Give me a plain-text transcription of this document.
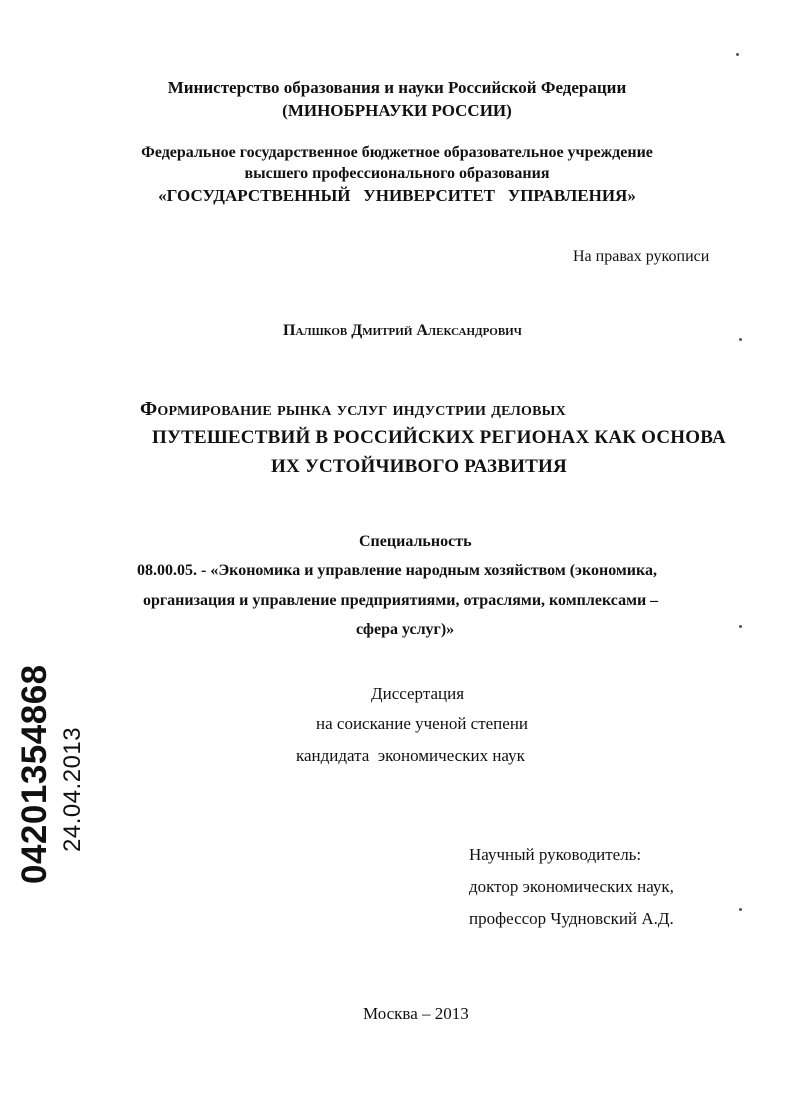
Министерство образования и науки Российской Федерации
(МИНОБРНАУКИ РОССИИ)
Федеральное государственное бюджетное образовательное учреждение
высшего профессионального образования
«ГОСУДАРСТВЕННЫЙ   УНИВЕРСИТЕТ   УПРАВЛЕНИЯ»
На правах рукописи
Палшков Дмитрий Александрович
Формирование рынка услуг индустрии деловых
ПУТЕШЕСТВИЙ В РОССИЙСКИХ РЕГИОНАХ КАК ОСНОВА
ИХ УСТОЙЧИВОГО РАЗВИТИЯ
Специальность
08.00.05. - «Экономика и управление народным хозяйством (экономика,
организация и управление предприятиями, отраслями, комплексами –
сфера услуг)»
Диссертация
на соискание ученой степени
кандидата  экономических наук
Научный руководитель:
доктор экономических наук,
профессор Чудновский А.Д.
Москва – 2013
04201354868 24.04.2013
